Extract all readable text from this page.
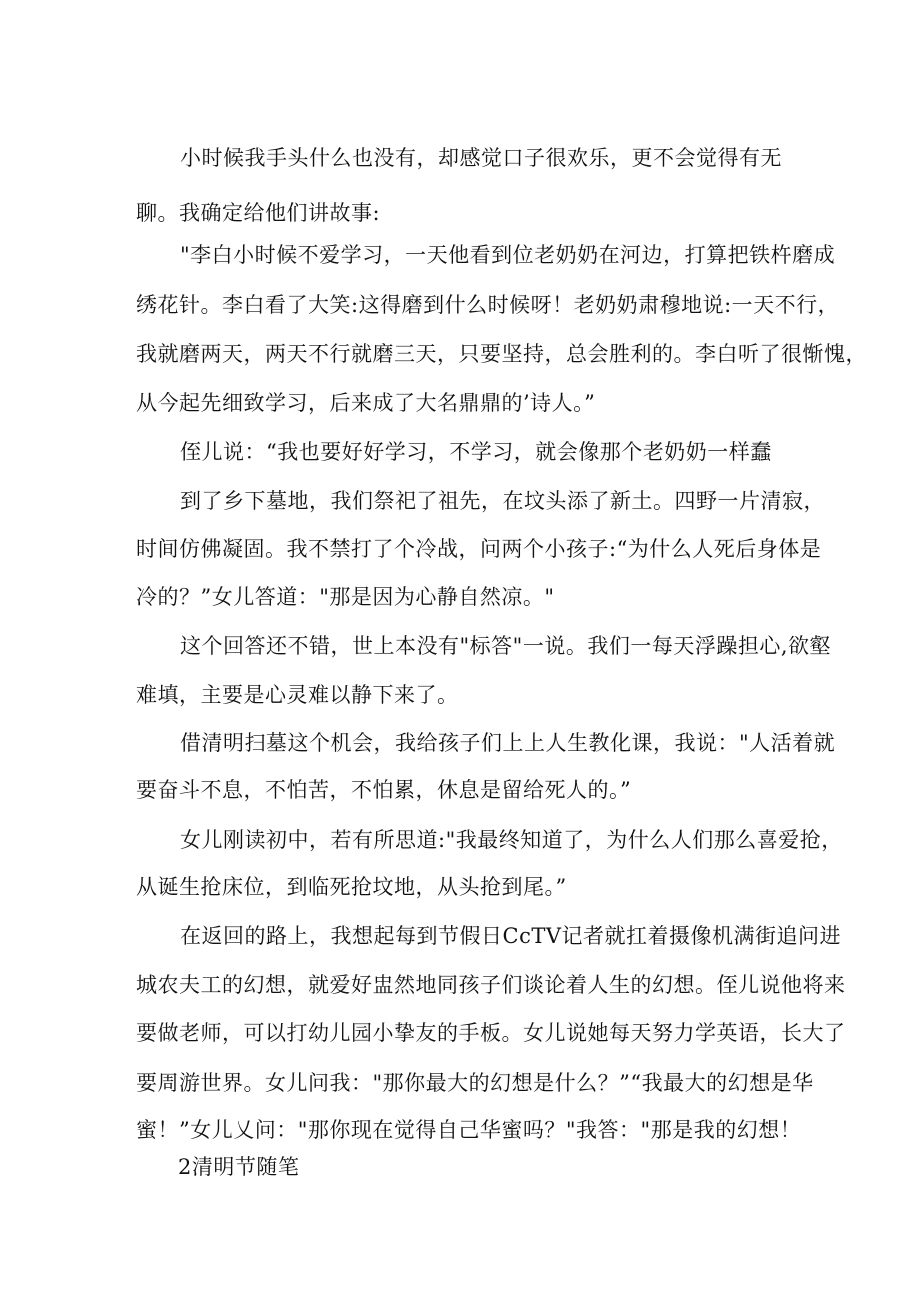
小时候我手头什么也没有，却感觉口子很欢乐，更不会觉得有无

聊。我确定给他们讲故事:

"李白小时候不爱学习，一天他看到位老奶奶在河边，打算把铁杵磨成

绣花针。李白看了大笑:这得磨到什么时候呀！老奶奶肃穆地说:一天不行，

我就磨两天，两天不行就磨三天，只要坚持，总会胜利的。李白听了很惭愧，

从今起先细致学习，后来成了大名鼎鼎的’诗人。”

侄儿说：“我也要好好学习，不学习，就会像那个老奶奶一样蠢

到了乡下墓地，我们祭祀了祖先，在坟头添了新土。四野一片清寂，

时间仿佛凝固。我不禁打了个冷战，问两个小孩子:“为什么人死后身体是

冷的？”女儿答道："那是因为心静自然凉。"

这个回答还不错，世上本没有"标答"一说。我们一每天浮躁担心,欲壑

难填，主要是心灵难以静下来了。

借清明扫墓这个机会，我给孩子们上上人生教化课，我说："人活着就

要奋斗不息，不怕苦，不怕累，休息是留给死人的。”

女儿刚读初中，若有所思道:"我最终知道了，为什么人们那么喜爱抢，

从诞生抢床位，到临死抢坟地，从头抢到尾。”

在返回的路上，我想起每到节假日CcTV记者就扛着摄像机满街追问进

城农夫工的幻想，就爱好盅然地同孩子们谈论着人生的幻想。侄儿说他将来

要做老师，可以打幼儿园小挚友的手板。女儿说她每天努力学英语，长大了

要周游世界。女儿问我："那你最大的幻想是什么？”“我最大的幻想是华

蜜！”女儿乂问："那你现在觉得自己华蜜吗？"我答："那是我的幻想！

2清明节随笔
